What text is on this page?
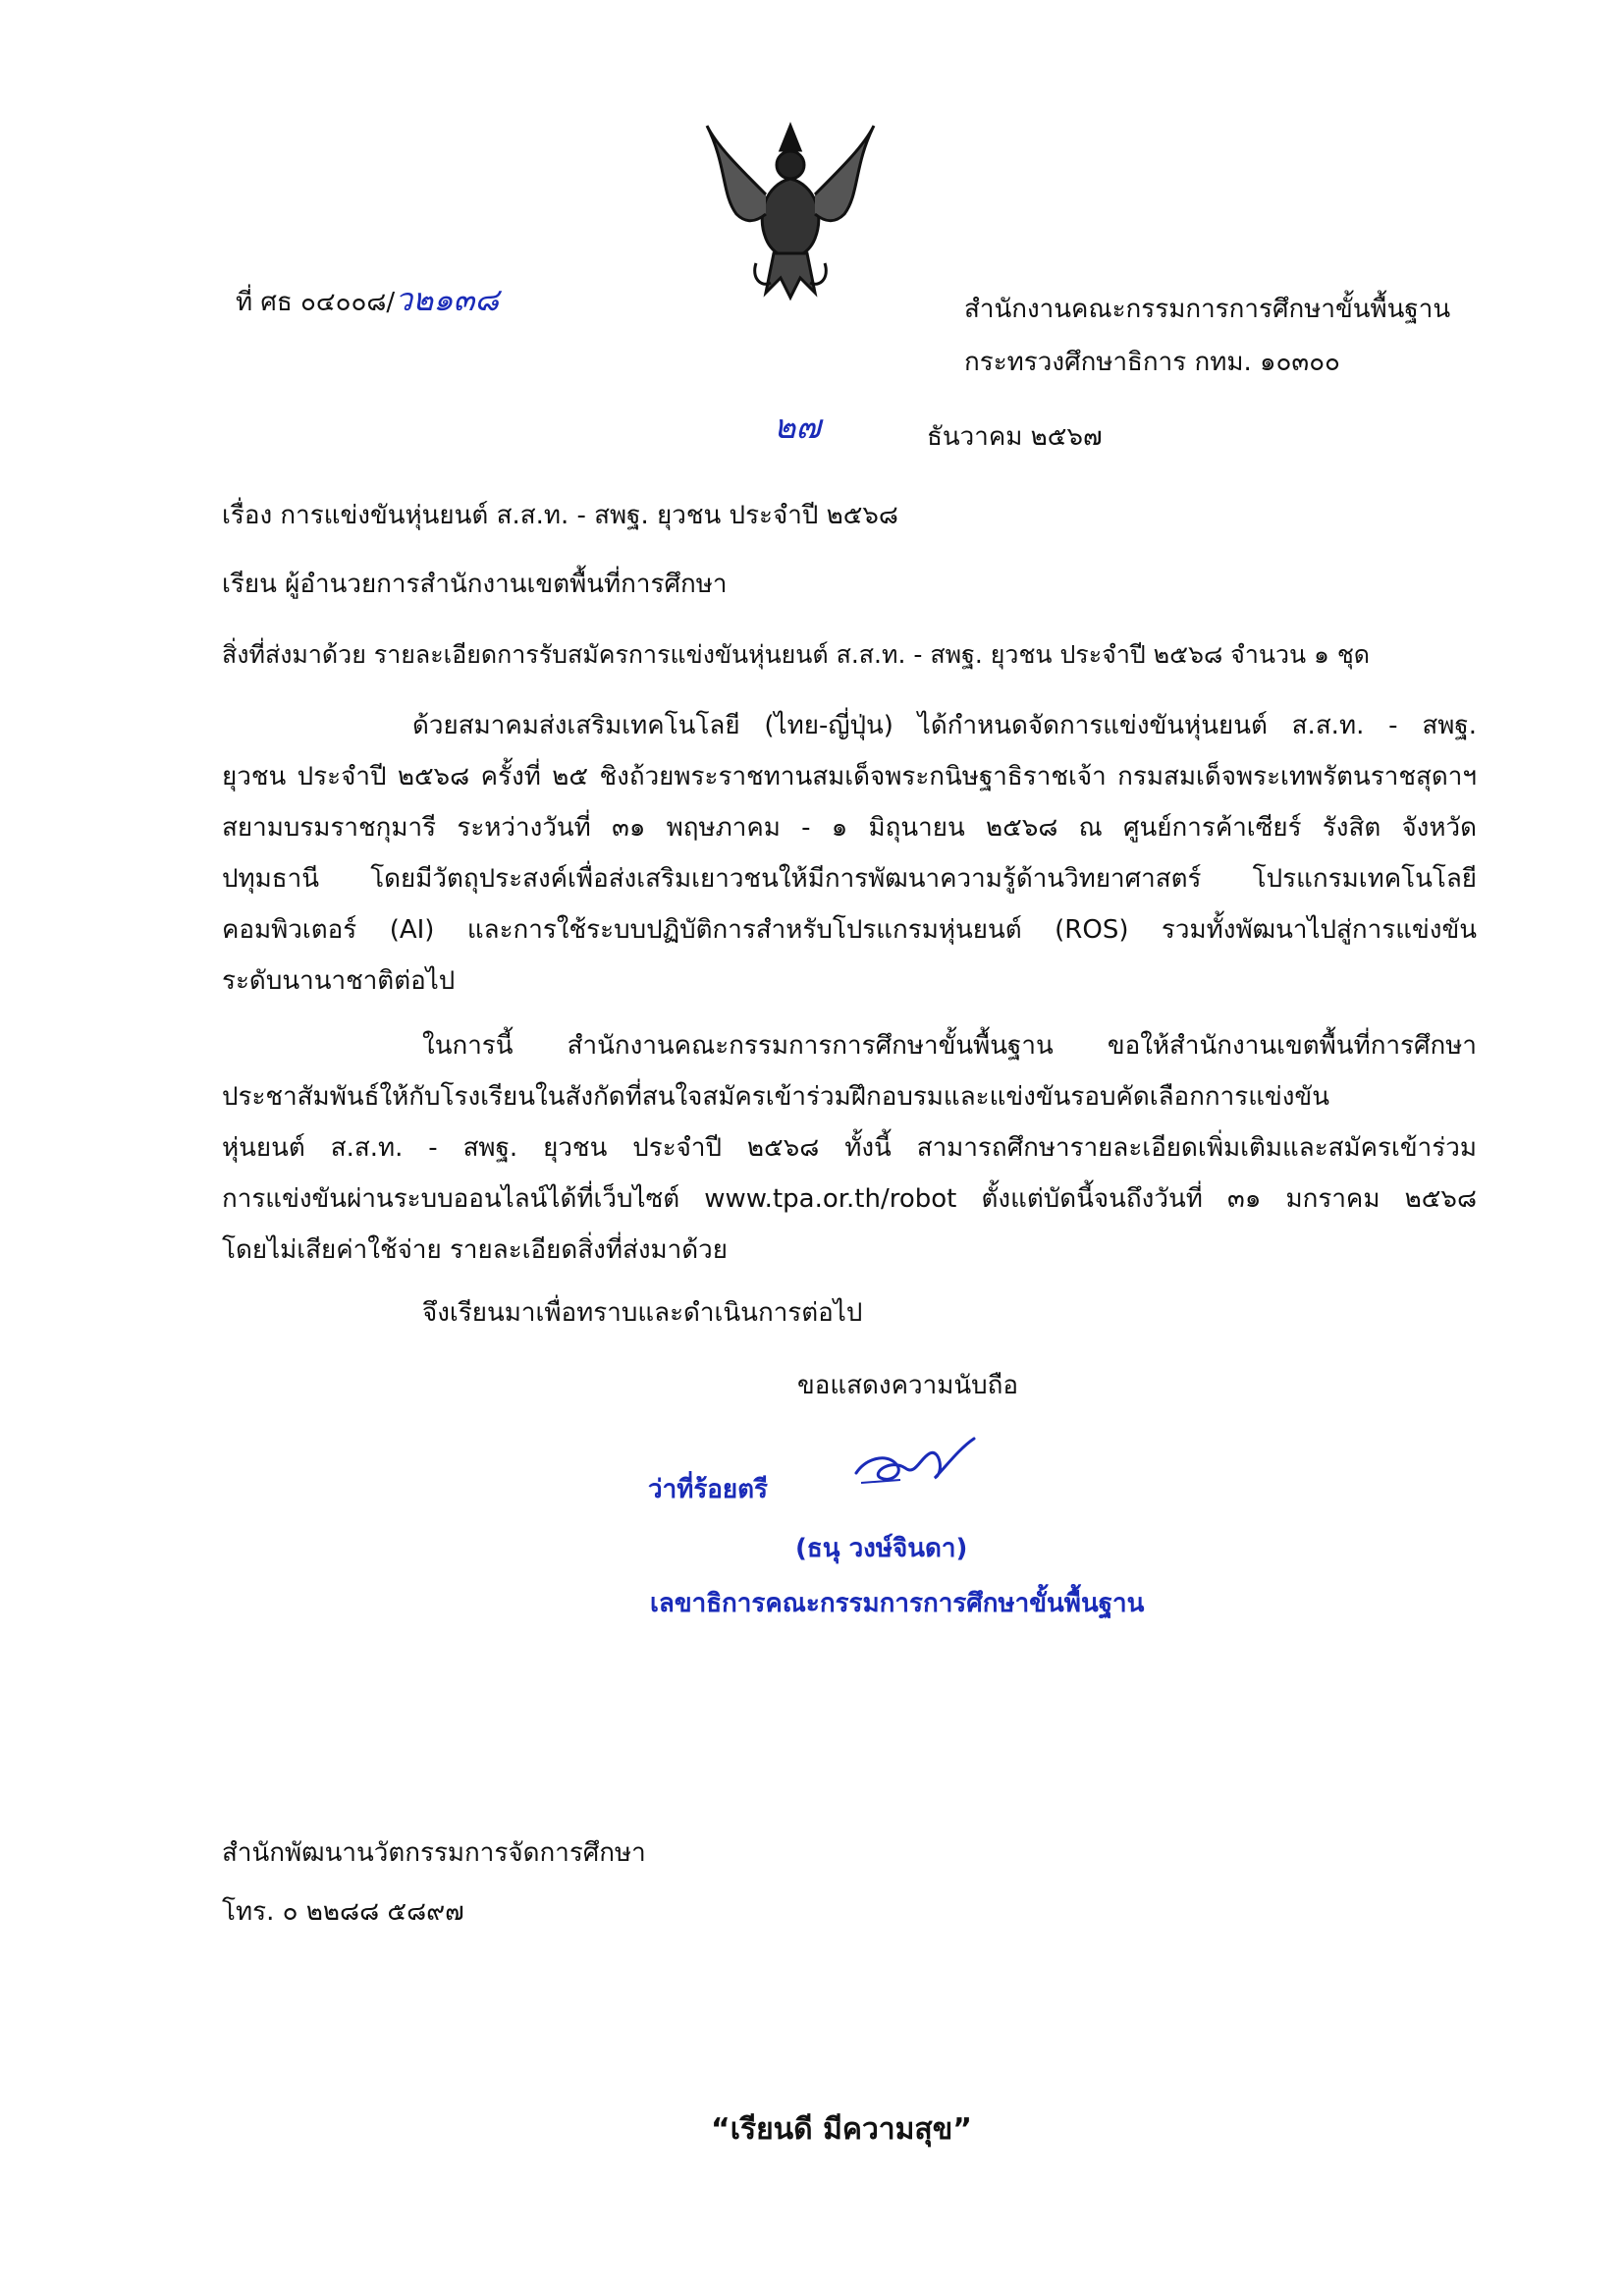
ที่ ศธ ๐๔๐๐๘/ว๒๑๓๘	สำนักงานคณะกรรมการการศึกษาขั้นพื้นฐาน
กระทรวงศึกษาธิการ กทม. ๑๐๓๐๐
๒๗	ธันวาคม ๒๕๖๗
เรื่อง การแข่งขันหุ่นยนต์ ส.ส.ท. - สพฐ. ยุวชน ประจำปี ๒๕๖๘
เรียน ผู้อำนวยการสำนักงานเขตพื้นที่การศึกษา
สิ่งที่ส่งมาด้วย รายละเอียดการรับสมัครการแข่งขันหุ่นยนต์ ส.ส.ท. - สพฐ. ยุวชน ประจำปี ๒๕๖๘ จำนวน ๑ ชุด
ด้วยสมาคมส่งเสริมเทคโนโลยี (ไทย-ญี่ปุ่น) ได้กำหนดจัดการแข่งขันหุ่นยนต์ ส.ส.ท. - สพฐ.
ยุวชน ประจำปี ๒๕๖๘ ครั้งที่ ๒๕ ชิงถ้วยพระราชทานสมเด็จพระกนิษฐาธิราชเจ้า กรมสมเด็จพระเทพรัตนราชสุดาฯ
สยามบรมราชกุมารี ระหว่างวันที่ ๓๑ พฤษภาคม - ๑ มิถุนายน ๒๕๖๘ ณ ศูนย์การค้าเซียร์ รังสิต จังหวัด
ปทุมธานี โดยมีวัตถุประสงค์เพื่อส่งเสริมเยาวชนให้มีการพัฒนาความรู้ด้านวิทยาศาสตร์ โปรแกรมเทคโนโลยี
คอมพิวเตอร์ (AI) และการใช้ระบบปฏิบัติการสำหรับโปรแกรมหุ่นยนต์ (ROS) รวมทั้งพัฒนาไปสู่การแข่งขัน
ระดับนานาชาติต่อไป
ในการนี้ สำนักงานคณะกรรมการการศึกษาขั้นพื้นฐาน ขอให้สำนักงานเขตพื้นที่การศึกษา
ประชาสัมพันธ์ให้กับโรงเรียนในสังกัดที่สนใจสมัครเข้าร่วมฝึกอบรมและแข่งขันรอบคัดเลือกการแข่งขัน
หุ่นยนต์ ส.ส.ท. - สพฐ. ยุวชน ประจำปี ๒๕๖๘ ทั้งนี้ สามารถศึกษารายละเอียดเพิ่มเติมและสมัครเข้าร่วม
การแข่งขันผ่านระบบออนไลน์ได้ที่เว็บไซต์ www.tpa.or.th/robot ตั้งแต่บัดนี้จนถึงวันที่ ๓๑ มกราคม ๒๕๖๘
โดยไม่เสียค่าใช้จ่าย รายละเอียดสิ่งที่ส่งมาด้วย
จึงเรียนมาเพื่อทราบและดำเนินการต่อไป
ขอแสดงความนับถือ
ว่าที่ร้อยตรี
(ธนุ วงษ์จินดา)
เลขาธิการคณะกรรมการการศึกษาขั้นพื้นฐาน
สำนักพัฒนานวัตกรรมการจัดการศึกษา
โทร. ๐ ๒๒๘๘ ๕๘๙๗
“เรียนดี มีความสุข”
